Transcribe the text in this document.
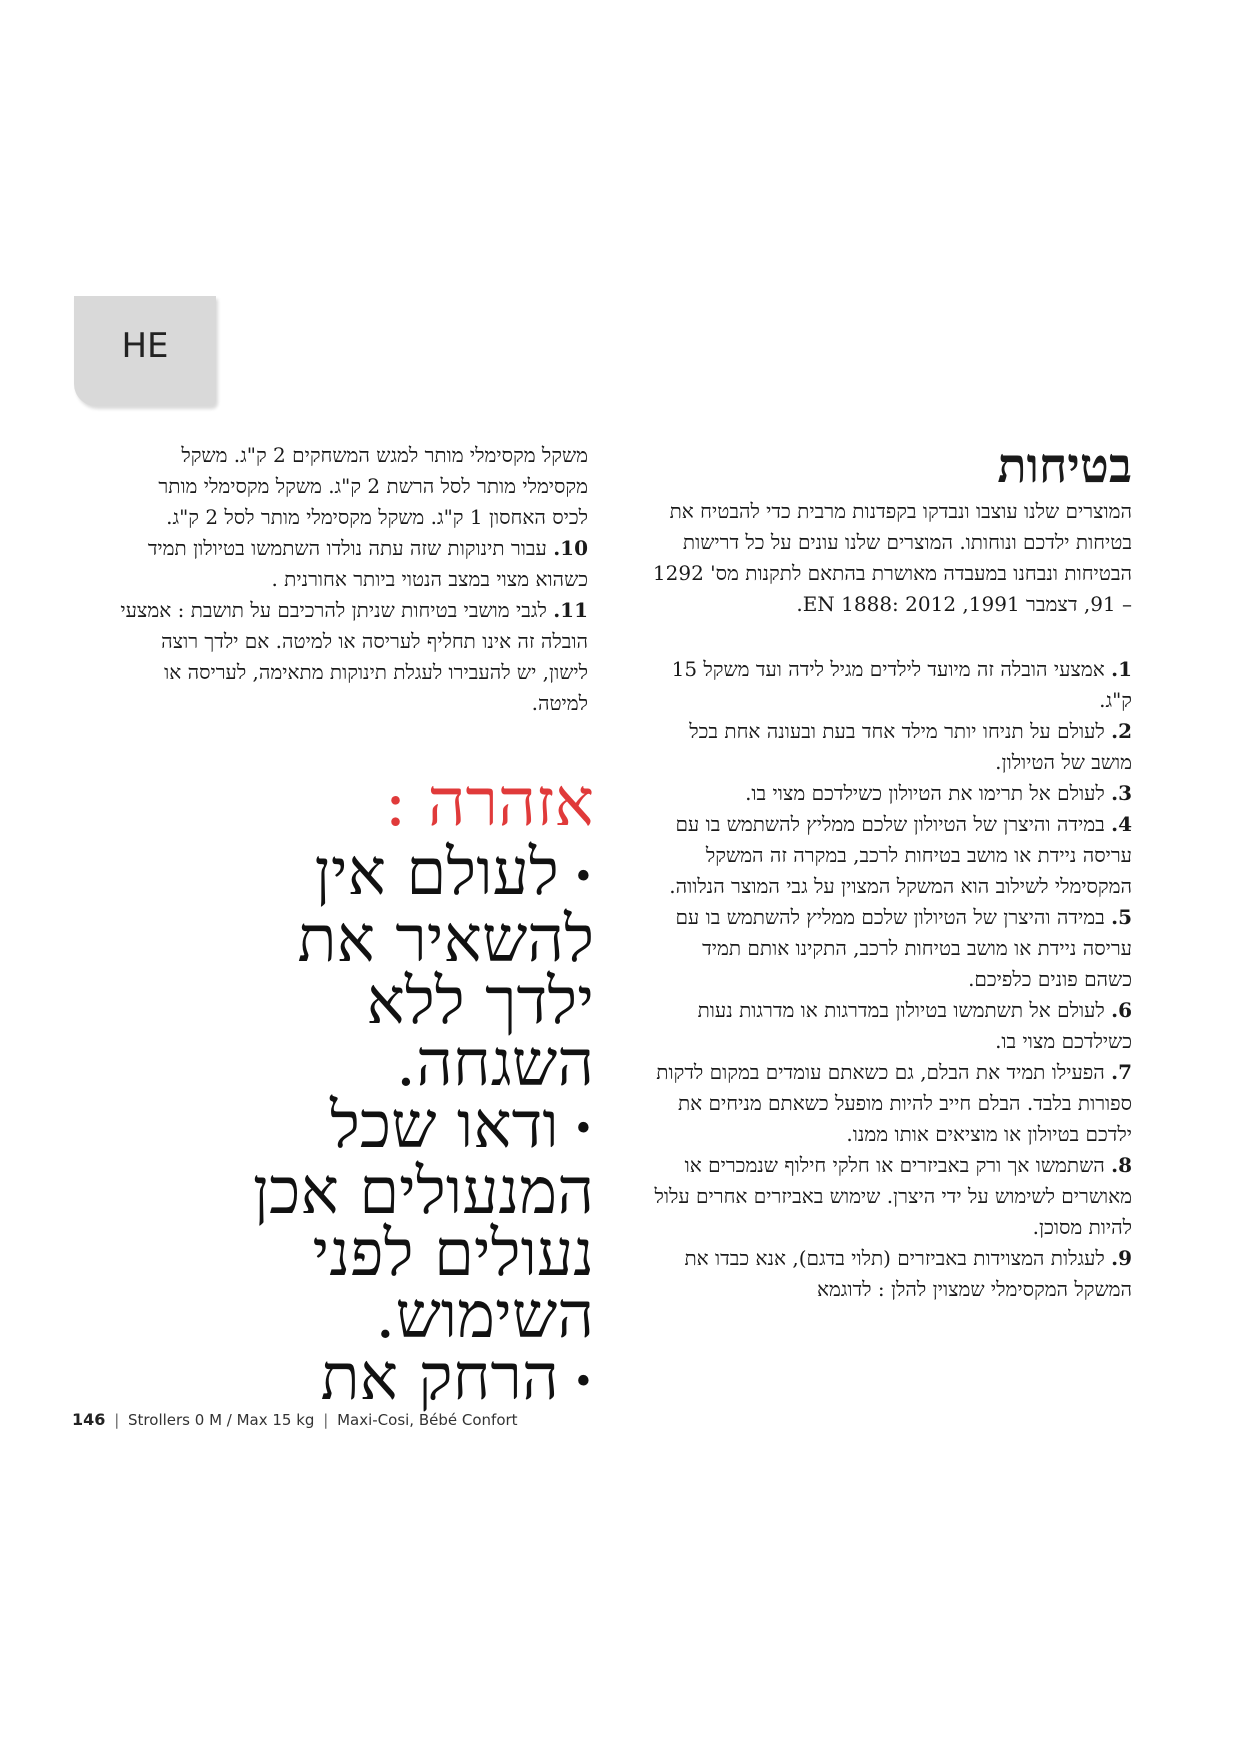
HE
בטיחות

המוצרים שלנו עוצבו ונבדקו בקפדנות מרבית כדי להבטיח את בטיחות ילדכם ונוחותו. המוצרים שלנו עונים על כל דרישות הבטיחות ונבחנו במעבדה מאושרת בהתאם לתקנות מס' 1292 – 91, דצמבר 1991, EN 1888: 2012.

1. אמצעי הובלה זה מיועד לילדים מגיל לידה ועד משקל 15 ק"ג.
2. לעולם על תניחו יותר מילד אחד בעת ובעונה אחת בכל מושב של הטיולון.
3. לעולם אל תרימו את הטיולון כשילדכם מצוי בו.
4. במידה והיצרן של הטיולון שלכם ממליץ להשתמש בו עם עריסה ניידת או מושב בטיחות לרכב, במקרה זה המשקל המקסימלי לשילוב הוא המשקל המצוין על גבי המוצר הנלווה.
5. במידה והיצרן של הטיולון שלכם ממליץ להשתמש בו עם עריסה ניידת או מושב בטיחות לרכב, התקינו אותם תמיד כשהם פונים כלפיכם.
6. לעולם אל תשתמשו בטיולון במדרגות או מדרגות נעות כשילדכם מצוי בו.
7. הפעילו תמיד את הבלם, גם כשאתם עומדים במקום לדקות ספורות בלבד. הבלם חייב להיות מופעל כשאתם מניחים את ילדכם בטיולון או מוציאים אותו ממנו.
8. השתמשו אך ורק באביזרים או חלקי חילוף שנמכרים או מאושרים לשימוש על ידי היצרן. שימוש באביזרים אחרים עלול להיות מסוכן.
9. לעגלות המצוידות באביזרים (תלוי בדגם), אנא כבדו את המשקל המקסימלי שמצוין להלן : לדוגמא

משקל מקסימלי מותר למגש המשחקים 2 ק"ג. משקל מקסימלי מותר לסל הרשת 2 ק"ג. משקל מקסימלי מותר לכיס האחסון 1 ק"ג. משקל מקסימלי מותר לסל 2 ק"ג.

10. עבור תינוקות שזה עתה נולדו השתמשו בטיולון תמיד כשהוא מצוי במצב הנטוי ביותר אחורנית .
11. לגבי מושבי בטיחות שניתן להרכיבם על תושבת : אמצעי הובלה זה אינו תחליף לעריסה או למיטה. אם ילדך רוצה לישון, יש להעבירו לעגלת תינוקות מתאימה, לעריסה או למיטה.
אזהרה :
•לעולם אין להשאיר את ילדך ללא השגחה.
•ודאו שכל המנעולים אכן נעולים לפני השימוש.
•הרחק את
146 | Strollers 0 M / Max 15 kg | Maxi-Cosi, Bébé Confort
